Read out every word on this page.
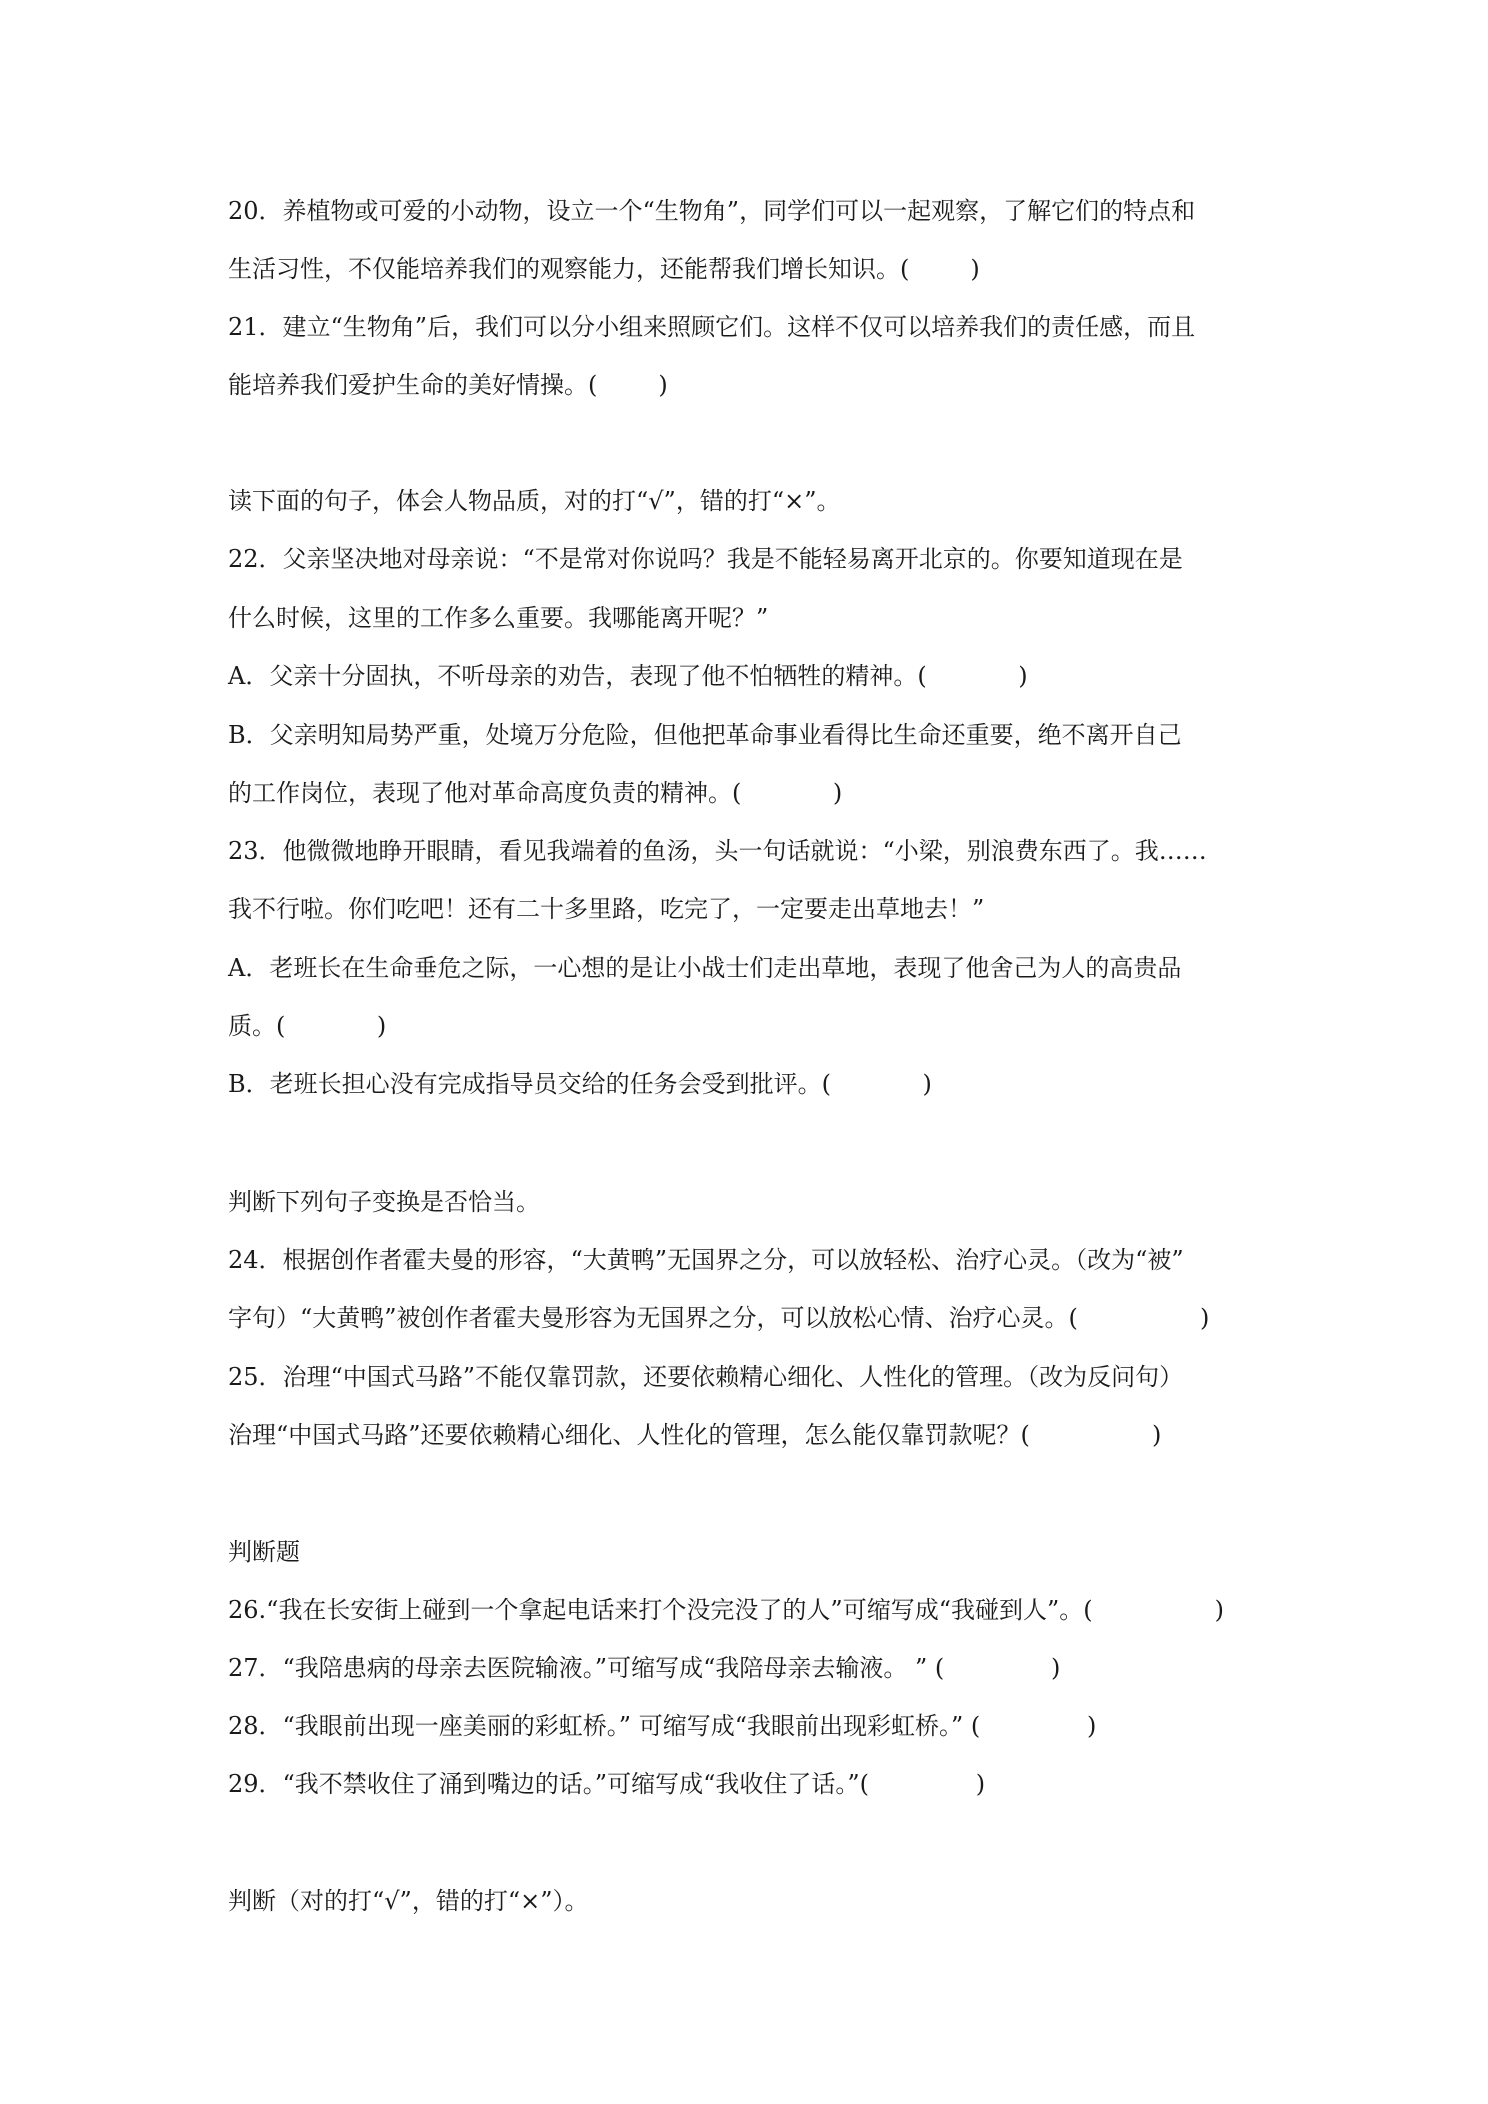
20．养植物或可爱的小动物，设立一个“生物角”，同学们可以一起观察，了解它们的特点和
生活习性，不仅能培养我们的观察能力，还能帮我们增长知识。(        )
21．建立“生物角”后，我们可以分小组来照顾它们。这样不仅可以培养我们的责任感，而且
能培养我们爱护生命的美好情操。(        )
读下面的句子，体会人物品质，对的打“√”，错的打“×”。
22．父亲坚决地对母亲说：“不是常对你说吗？我是不能轻易离开北京的。你要知道现在是
什么时候，这里的工作多么重要。我哪能离开呢？”
A．父亲十分固执，不听母亲的劝告，表现了他不怕牺牲的精神。(            )
B．父亲明知局势严重，处境万分危险，但他把革命事业看得比生命还重要，绝不离开自己
的工作岗位，表现了他对革命高度负责的精神。(            )
23．他微微地睁开眼睛，看见我端着的鱼汤，头一句话就说：“小梁，别浪费东西了。我……
我不行啦。你们吃吧！还有二十多里路，吃完了，一定要走出草地去！”
A．老班长在生命垂危之际，一心想的是让小战士们走出草地，表现了他舍己为人的高贵品
质。(            )
B．老班长担心没有完成指导员交给的任务会受到批评。(            )
判断下列句子变换是否恰当。
24．根据创作者霍夫曼的形容，“大黄鸭”无国界之分，可以放轻松、治疗心灵。（改为“被”
字句）“大黄鸭”被创作者霍夫曼形容为无国界之分，可以放松心情、治疗心灵。(                )
25．治理“中国式马路”不能仅靠罚款，还要依赖精心细化、人性化的管理。（改为反问句）
治理“中国式马路”还要依赖精心细化、人性化的管理，怎么能仅靠罚款呢？(                )
判断题
26.“我在长安街上碰到一个拿起电话来打个没完没了的人”可缩写成“我碰到人”。(                )
27．“我陪患病的母亲去医院输液。”可缩写成“我陪母亲去输液。 ” (              )
28．“我眼前出现一座美丽的彩虹桥。” 可缩写成“我眼前出现彩虹桥。” (              )
29．“我不禁收住了涌到嘴边的话。”可缩写成“我收住了话。”(              )
判断（对的打“√”，错的打“×”）。
